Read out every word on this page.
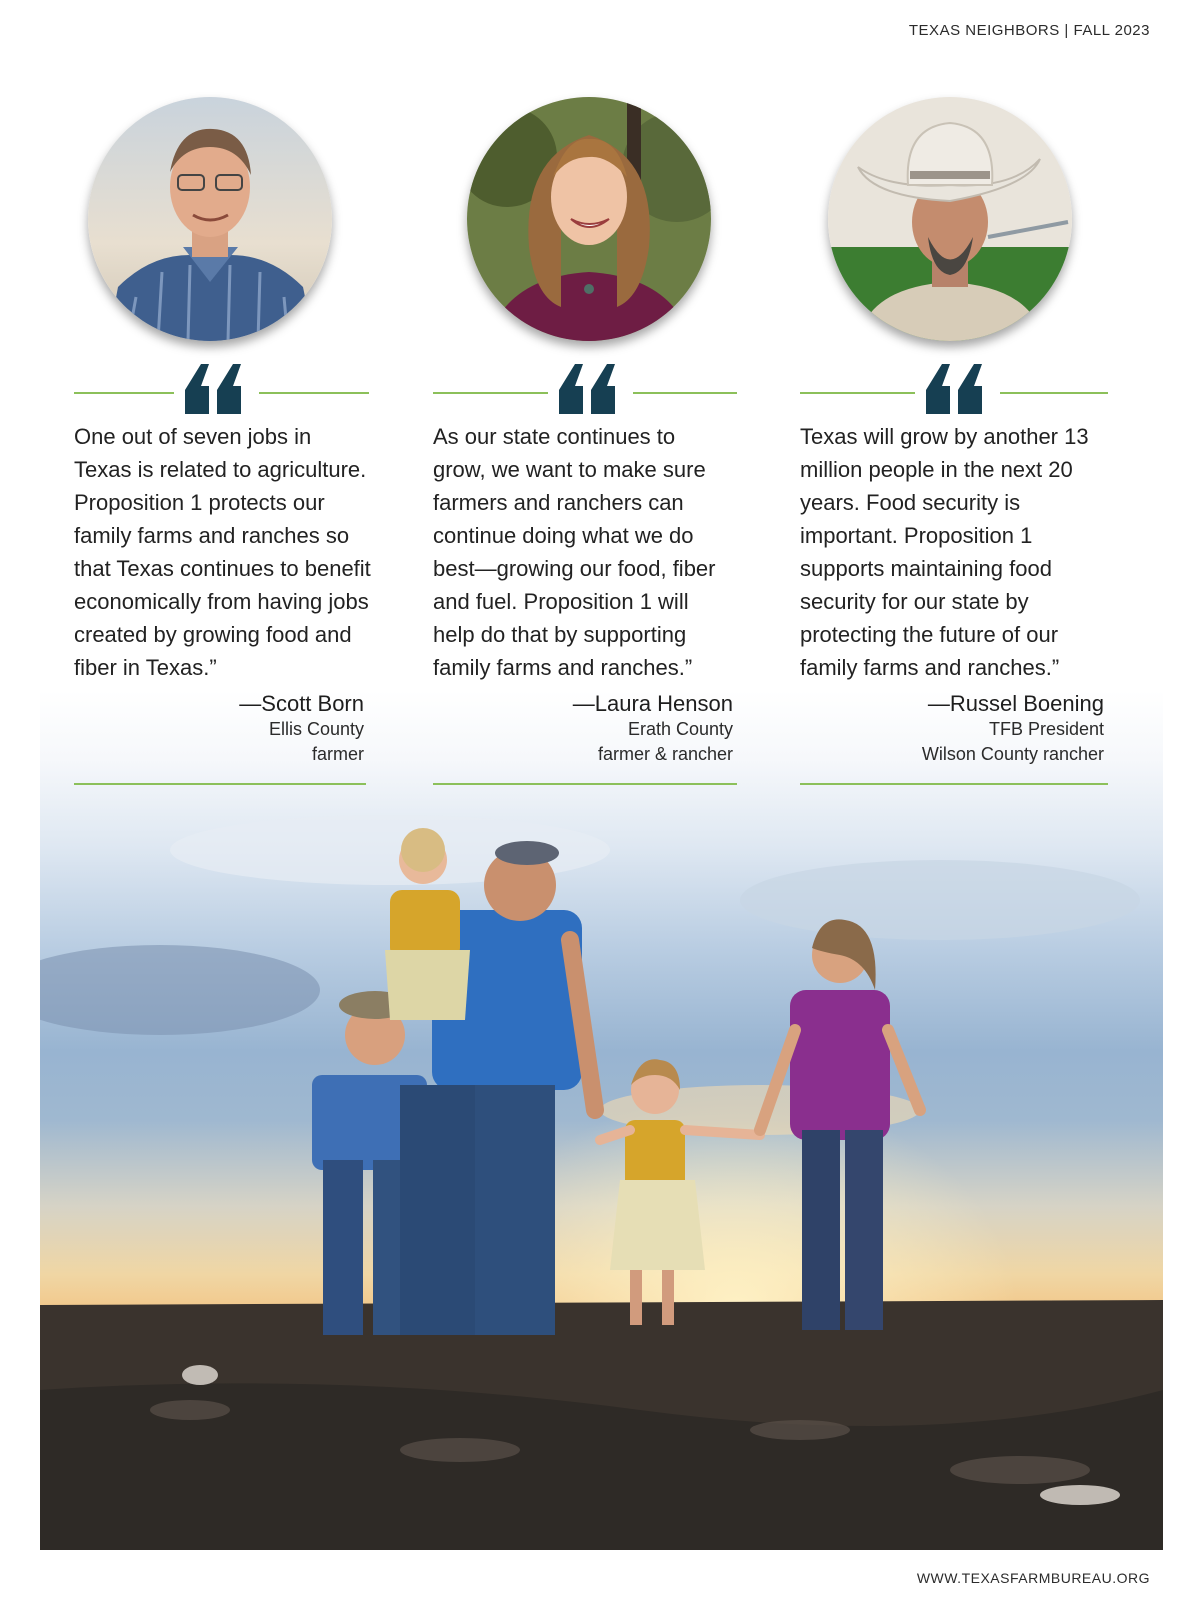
TEXAS NEIGHBORS | FALL 2023
One out of seven jobs in Texas is related to agriculture. Proposition 1 protects our family farms and ranches so that Texas continues to benefit economically from having jobs created by growing food and fiber in Texas.”
As our state continues to grow, we want to make sure farmers and ranchers can continue doing what we do best—growing our food, fiber and fuel. Proposition 1 will help do that by supporting family farms and ranches.”
Texas will grow by another 13 million people in the next 20 years. Food security is important. Proposition 1 supports maintaining food security for our state by protecting the future of our family farms and ranches.”
—Scott Born
Ellis County
farmer
—Laura Henson
Erath County
farmer & rancher
—Russel Boening
TFB President
Wilson County rancher
WWW.TEXASFARMBUREAU.ORG
